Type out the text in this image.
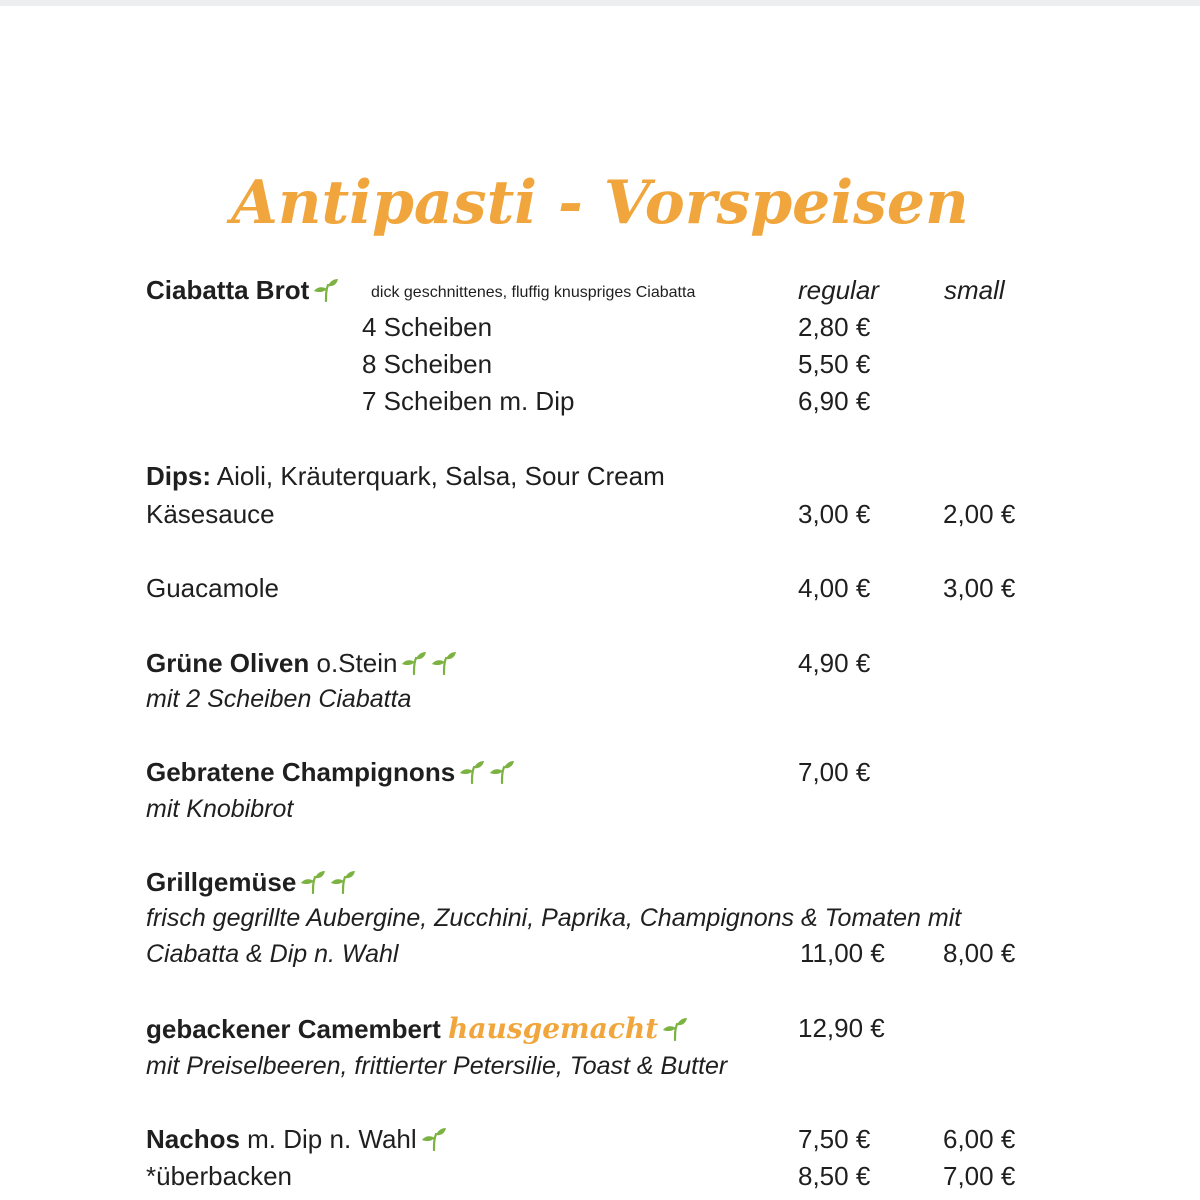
Antipasti - Vorspeisen
Ciabatta Brot	dick geschnittenes, fluffig knuspriges Ciabatta	regular	small
4 Scheiben	2,80 €
8 Scheiben	5,50 €
7 Scheiben m. Dip	6,90 €
Dips: Aioli, Kräuterquark, Salsa, Sour Cream
Käsesauce	3,00 €	2,00 €
Guacamole	4,00 €	3,00 €
Grüne Oliven o.Stein	4,90 €
mit 2 Scheiben Ciabatta
Gebratene Champignons	7,00 €
mit Knobibrot
Grillgemüse
frisch gegrillte Aubergine, Zucchini, Paprika, Champignons & Tomaten mit
Ciabatta & Dip n. Wahl	11,00 € 8,00 €
gebackener Camembert hausgemacht	12,90 €
mit Preiselbeeren, frittierter Petersilie, Toast & Butter
Nachos m. Dip n. Wahl	7,50 €	6,00 €
*überbacken	8,50 €	7,00 €
